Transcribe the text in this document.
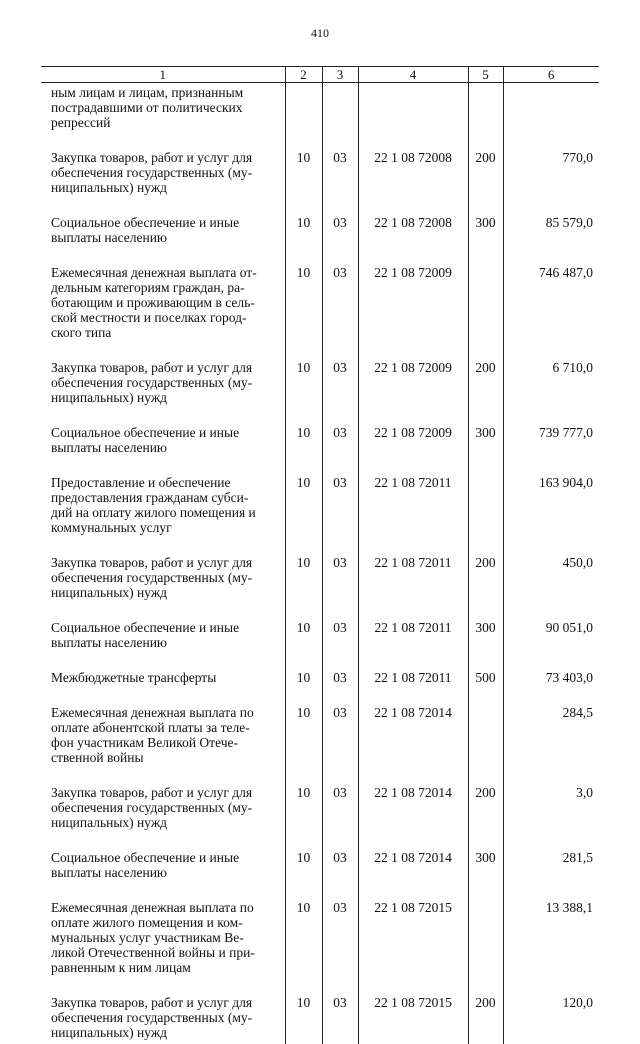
410
1	2	3	4	5	6
ным лицам и лицам, признанным
пострадавшими от политических
репрессий					
Закупка товаров, работ и услуг для
обеспечения государственных (му-
ниципальных) нужд	10	03	22 1 08 72008	200	770,0
Социальное обеспечение и иные
выплаты населению	10	03	22 1 08 72008	300	85 579,0
Ежемесячная денежная выплата от-
дельным категориям граждан, ра-
ботающим и проживающим в сель-
ской местности и поселках город-
ского типа	10	03	22 1 08 72009		746 487,0
Закупка товаров, работ и услуг для
обеспечения государственных (му-
ниципальных) нужд	10	03	22 1 08 72009	200	6 710,0
Социальное обеспечение и иные
выплаты населению	10	03	22 1 08 72009	300	739 777,0
Предоставление и обеспечение
предоставления гражданам субси-
дий на оплату жилого помещения и
коммунальных услуг	10	03	22 1 08 72011		163 904,0
Закупка товаров, работ и услуг для
обеспечения государственных (му-
ниципальных) нужд	10	03	22 1 08 72011	200	450,0
Социальное обеспечение и иные
выплаты населению	10	03	22 1 08 72011	300	90 051,0
Межбюджетные трансферты	10	03	22 1 08 72011	500	73 403,0
Ежемесячная денежная выплата по
оплате абонентской платы за теле-
фон участникам Великой Отече-
ственной войны	10	03	22 1 08 72014		284,5
Закупка товаров, работ и услуг для
обеспечения государственных (му-
ниципальных) нужд	10	03	22 1 08 72014	200	3,0
Социальное обеспечение и иные
выплаты населению	10	03	22 1 08 72014	300	281,5
Ежемесячная денежная выплата по
оплате жилого помещения и ком-
мунальных услуг участникам Ве-
ликой Отечественной войны и при-
равненным к ним лицам	10	03	22 1 08 72015		13 388,1
Закупка товаров, работ и услуг для
обеспечения государственных (му-
ниципальных) нужд	10	03	22 1 08 72015	200	120,0
